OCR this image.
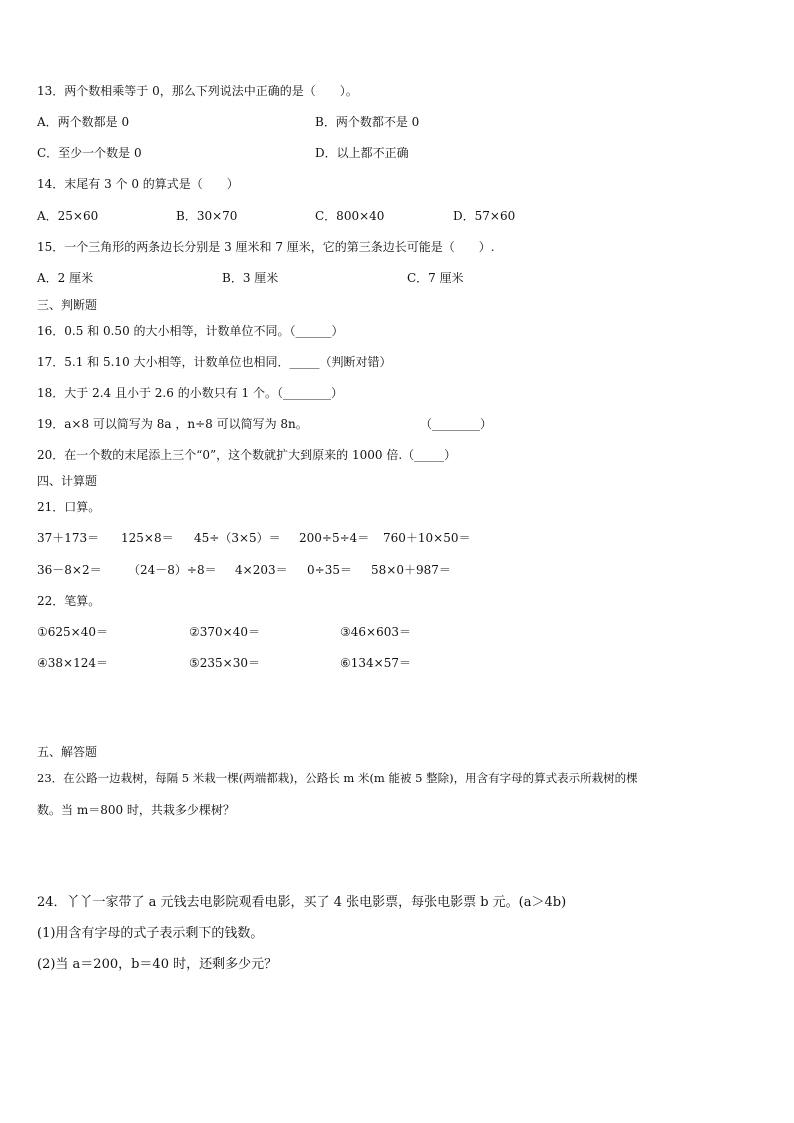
13．两个数相乘等于 0，那么下列说法中正确的是（　　）。
A．两个数都是 0	B．两个数都不是 0
C．至少一个数是 0	D．以上都不正确
14．末尾有 3 个 0 的算式是（　　）
A．25×60	B．30×70	C．800×40	D．57×60
15．一个三角形的两条边长分别是 3 厘米和 7 厘米，它的第三条边长可能是（　　）.
A．2 厘米	B．3 厘米	C．7 厘米
三、判断题
16．0.5 和 0.50 的大小相等，计数单位不同。（______）
17．5.1 和 5.10 大小相等，计数单位也相同．_____（判断对错）
18．大于 2.4 且小于 2.6 的小数只有 1 个。（________）
19．a×8 可以简写为 8a ，n÷8 可以简写为 8n。	（________）
20．在一个数的末尾添上三个“0”，这个数就扩大到原来的 1000 倍.（_____）
四、计算题
21．口算。
37＋173＝ 125×8＝ 45÷（3×5）＝ 200÷5÷4＝ 760＋10×50＝
36－8×2＝ （24－8）÷8＝ 4×203＝ 0÷35＝ 58×0＋987＝
22．笔算。
①625×40＝	②370×40＝	③46×603＝
④38×124＝	⑤235×30＝	⑥134×57＝
五、解答题
23．在公路一边栽树，每隔 5 米栽一棵(两端都栽)，公路长 m 米(m 能被 5 整除)，用含有字母的算式表示所栽树的棵
数。当 m＝800 时，共栽多少棵树？
24．丫丫一家带了 a 元钱去电影院观看电影，买了 4 张电影票，每张电影票 b 元。(a＞4b)
(1)用含有字母的式子表示剩下的钱数。
(2)当 a＝200，b＝40 时，还剩多少元？
